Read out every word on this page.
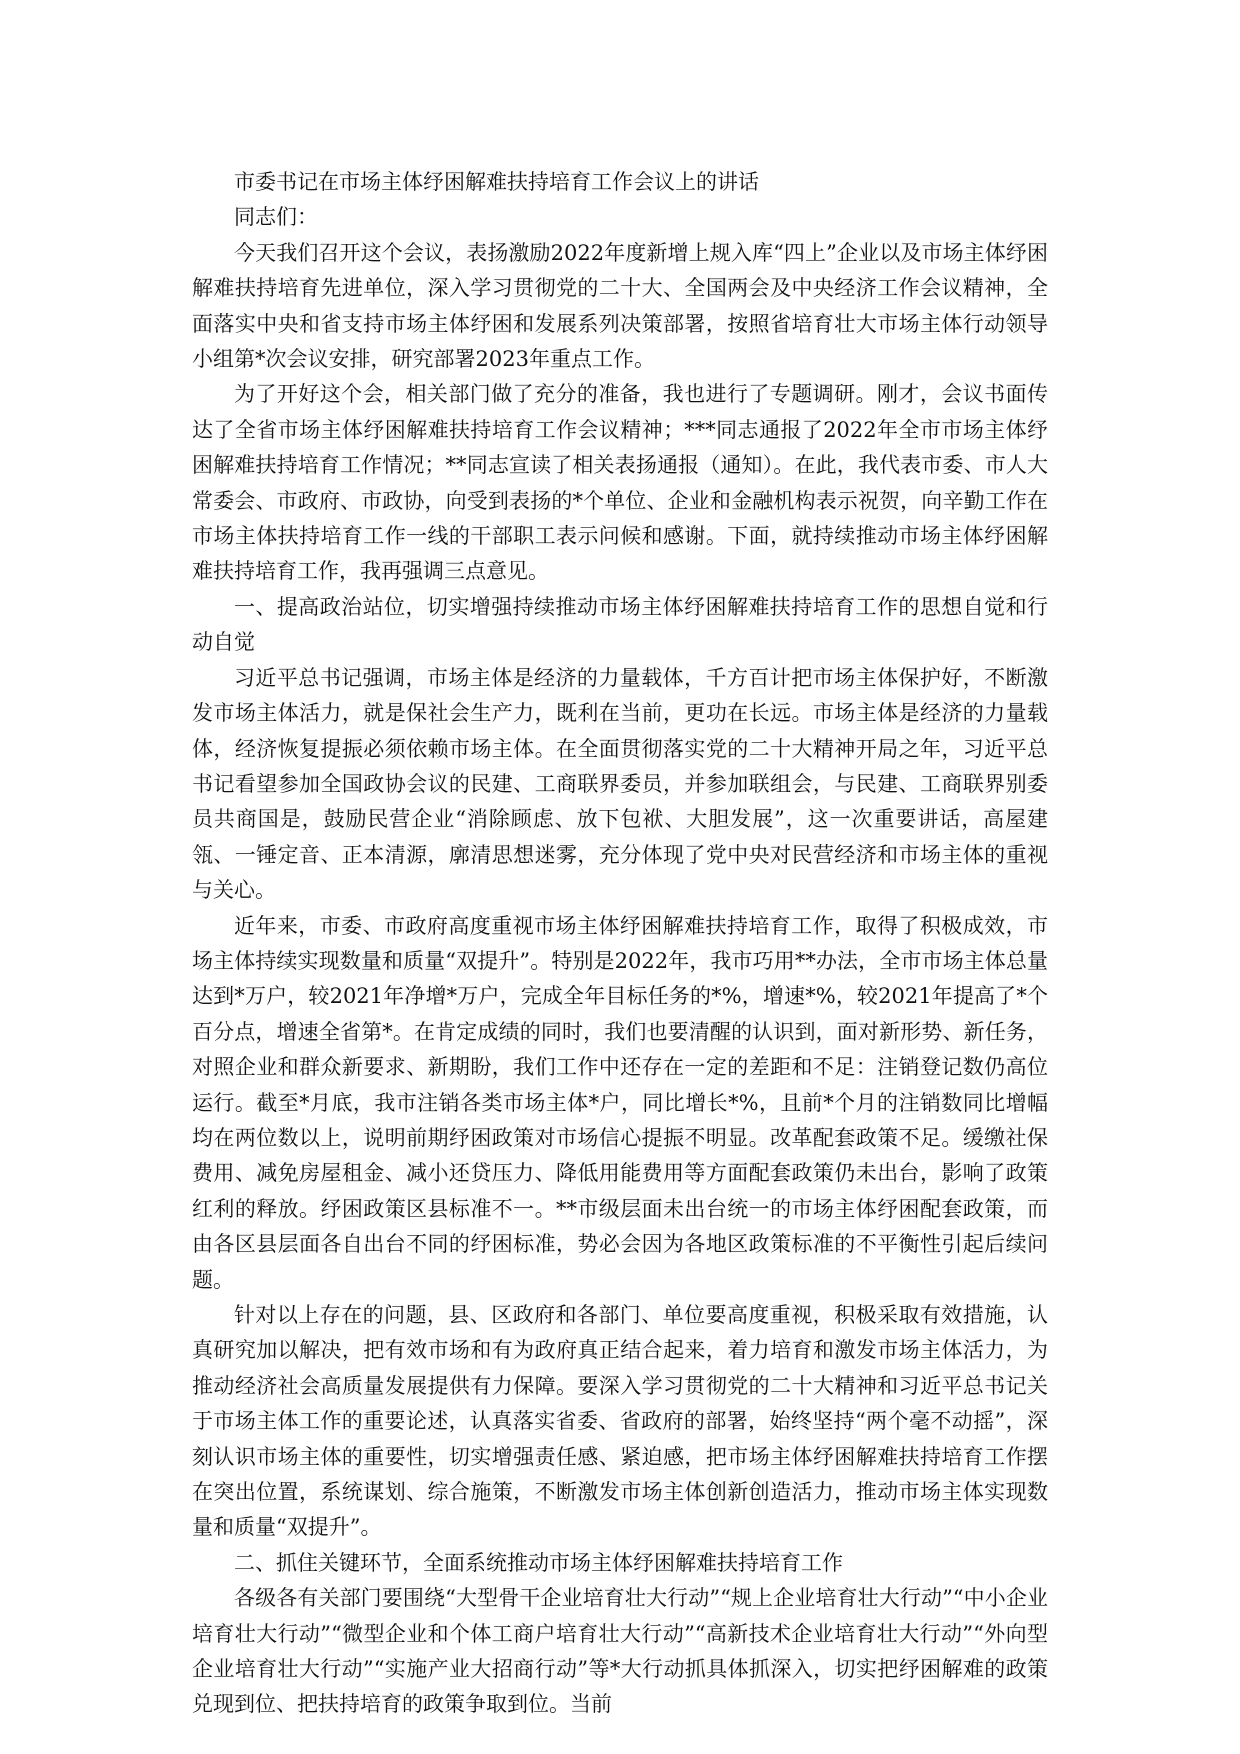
市委书记在市场主体纾困解难扶持培育工作会议上的讲话

同志们：

今天我们召开这个会议，表扬激励2022年度新增上规入库“四上”企业以及市场主体纾困解难扶持培育先进单位，深入学习贯彻党的二十大、全国两会及中央经济工作会议精神，全面落实中央和省支持市场主体纾困和发展系列决策部署，按照省培育壮大市场主体行动领导小组第*次会议安排，研究部署2023年重点工作。

为了开好这个会，相关部门做了充分的准备，我也进行了专题调研。刚才，会议书面传达了全省市场主体纾困解难扶持培育工作会议精神；***同志通报了2022年全市市场主体纾困解难扶持培育工作情况；**同志宣读了相关表扬通报（通知）。在此，我代表市委、市人大常委会、市政府、市政协，向受到表扬的*个单位、企业和金融机构表示祝贺，向辛勤工作在市场主体扶持培育工作一线的干部职工表示问候和感谢。下面，就持续推动市场主体纾困解难扶持培育工作，我再强调三点意见。

一、提高政治站位，切实增强持续推动市场主体纾困解难扶持培育工作的思想自觉和行动自觉

习近平总书记强调，市场主体是经济的力量载体，千方百计把市场主体保护好，不断激发市场主体活力，就是保社会生产力，既利在当前，更功在长远。市场主体是经济的力量载体，经济恢复提振必须依赖市场主体。在全面贯彻落实党的二十大精神开局之年，习近平总书记看望参加全国政协会议的民建、工商联界委员，并参加联组会，与民建、工商联界别委员共商国是，鼓励民营企业“消除顾虑、放下包袱、大胆发展”，这一次重要讲话，高屋建瓴、一锤定音、正本清源，廓清思想迷雾，充分体现了党中央对民营经济和市场主体的重视与关心。

近年来，市委、市政府高度重视市场主体纾困解难扶持培育工作，取得了积极成效，市场主体持续实现数量和质量“双提升”。特别是2022年，我市巧用**办法，全市市场主体总量达到*万户，较2021年净增*万户，完成全年目标任务的*%，增速*%，较2021年提高了*个百分点，增速全省第*。在肯定成绩的同时，我们也要清醒的认识到，面对新形势、新任务，对照企业和群众新要求、新期盼，我们工作中还存在一定的差距和不足：注销登记数仍高位运行。截至*月底，我市注销各类市场主体*户，同比增长*%，且前*个月的注销数同比增幅均在两位数以上，说明前期纾困政策对市场信心提振不明显。改革配套政策不足。缓缴社保费用、减免房屋租金、减小还贷压力、降低用能费用等方面配套政策仍未出台，影响了政策红利的释放。纾困政策区县标准不一。**市级层面未出台统一的市场主体纾困配套政策，而由各区县层面各自出台不同的纾困标准，势必会因为各地区政策标准的不平衡性引起后续问题。

针对以上存在的问题，县、区政府和各部门、单位要高度重视，积极采取有效措施，认真研究加以解决，把有效市场和有为政府真正结合起来，着力培育和激发市场主体活力，为推动经济社会高质量发展提供有力保障。要深入学习贯彻党的二十大精神和习近平总书记关于市场主体工作的重要论述，认真落实省委、省政府的部署，始终坚持“两个毫不动摇”，深刻认识市场主体的重要性，切实增强责任感、紧迫感，把市场主体纾困解难扶持培育工作摆在突出位置，系统谋划、综合施策，不断激发市场主体创新创造活力，推动市场主体实现数量和质量“双提升”。

二、抓住关键环节，全面系统推动市场主体纾困解难扶持培育工作

各级各有关部门要围绕“大型骨干企业培育壮大行动”“规上企业培育壮大行动”“中小企业培育壮大行动”“微型企业和个体工商户培育壮大行动”“高新技术企业培育壮大行动”“外向型企业培育壮大行动”“实施产业大招商行动”等*大行动抓具体抓深入，切实把纾困解难的政策兑现到位、把扶持培育的政策争取到位。当前
